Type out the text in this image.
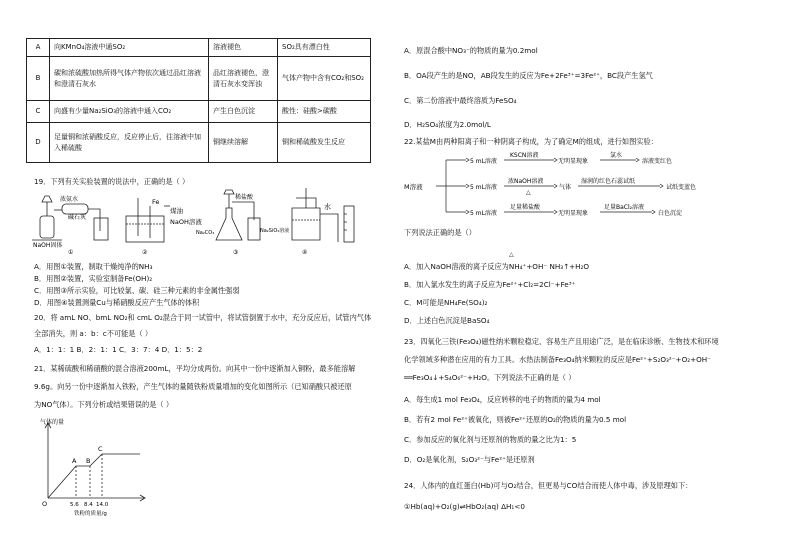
A	向KMnO₄溶液中通SO₂	溶液褪色	SO₂具有漂白性
B	碳和浓硫酸加热所得气体产物依次通过品红溶液和澄清石灰水	品红溶液褪色，澄清石灰水变浑浊	气体产物中含有CO₂和SO₂
C	向盛有少量Na₂SiO₃的溶液中通入CO₂	产生白色沉淀	酸性：硅酸>碳酸
D	足量铜和浓硝酸反应，反应停止后，往溶液中加入稀硫酸	铜继续溶解	铜和稀硫酸发生反应
19．下列有关实验装置的说法中，正确的是（ ）
浓氨水
碱石灰
NaOH固体
①
Fe
煤油
NaOH溶液
②
稀盐酸
Na₂CO₃	Na₂SiO₃溶液
③
水
④
A．用图①装置，制取干燥纯净的NH₃
B．用图②装置，实验室制备Fe(OH)₂
C．用图③所示实验，可比较氯、碳、硅三种元素的非金属性强弱
D．用图④装置测量Cu与稀硝酸反应产生气体的体积
20．将 amL NO、bmL NO₂和 cmL O₂混合于同一试管中，将试管倒置于水中，充分反应后，试管内气体
全部消失，则 a：b：c不可能是（ ）
A．1：1：1 B．2：1：1 C．3：7：4 D．1：5：2
21．某稀硫酸和稀硝酸的混合溶液200mL，平均分成两份。向其中一份中逐渐加入铜粉，最多能溶解
9.6g。向另一份中逐渐加入铁粉，产生气体的量随铁粉质量增加的变化如图所示（已知硝酸只被还原
为NO气体）。下列分析或结果错误的是（ ）
气体的量
O
A B
C
5.6 8.4 14.0
铁粉的质量/g
A．原混合酸中NO₃⁻的物质的量为0.2mol
B．OA段产生的是NO，AB段发生的反应为Fe+2Fe³⁺=3Fe²⁺，BC段产生氢气
C．第二份溶液中最终溶质为FeSO₄
D．H₂SO₄浓度为2.0mol/L
22.某盐M由两种阳离子和一种阴离子构成，为了确定M的组成，进行如图实验：
M溶液
5 mL溶液
KSCN溶液
无明显现象
氯水
溶液变红色
5 mL溶液
浓NaOH溶液
△
气体
湿润的红色石蕊试纸
试纸变蓝色
5 mL溶液
足量稀盐酸
无明显现象
足量BaCl₂溶液
白色沉淀
下列说法正确的是（）
△
A．加入NaOH溶液的离子反应为NH₄⁺+OH⁻ NH₃↑+H₂O
B．加入氯水发生的离子反应为Fe²⁺+Cl₂=2Cl⁻+Fe³⁺
C．M可能是NH₄Fe(SO₄)₂
D．上述白色沉淀是BaSO₄
23．四氧化三铁(Fe₃O₄)磁性纳米颗粒稳定、容易生产且用途广泛，是在临床诊断、生物技术和环境
化学领域多种潜在应用的有力工具。水热法制备Fe₃O₄纳米颗粒的反应是Fe²⁺+S₂O₃²⁻+O₂+OH⁻
══Fe₃O₄↓+S₄O₆²⁻+H₂O。下列说法不正确的是（ ）
A．每生成1 mol Fe₃O₄，反应转移的电子的物质的量为4 mol
B．若有2 mol Fe²⁺被氧化，则被Fe²⁺还原的O₂的物质的量为0.5 mol
C．参加反应的氧化剂与还原剂的物质的量之比为1：5
D．O₂是氧化剂，S₂O₃²⁻与Fe²⁺是还原剂
24．人体内的血红蛋白(Hb)可与O₂结合，但更易与CO结合而使人体中毒，涉及原理如下：
①Hb(aq)+O₂(g)⇌HbO₂(aq) ΔH₁<0
